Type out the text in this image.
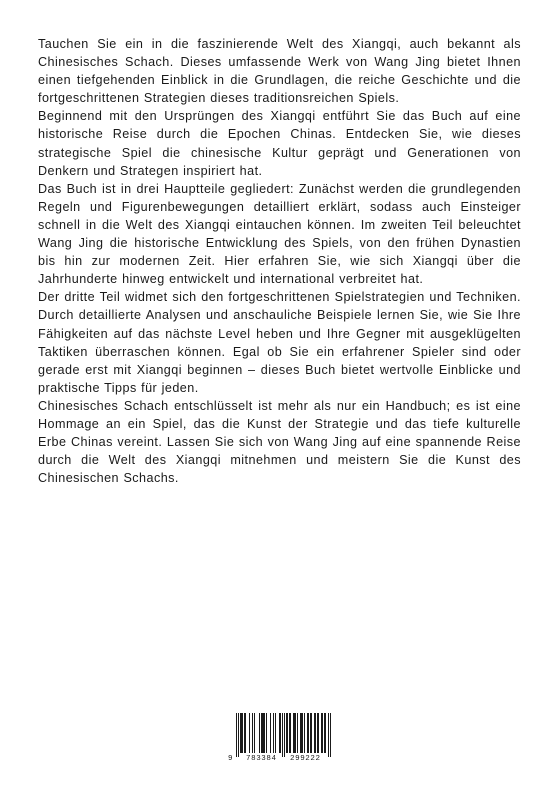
Tauchen Sie ein in die faszinierende Welt des Xiangqi, auch bekannt als Chinesisches Schach. Dieses umfassende Werk von Wang Jing bietet Ihnen einen tiefgehenden Einblick in die Grundlagen, die reiche Geschichte und die fortgeschrittenen Strategien dieses traditionsreichen Spiels.

Beginnend mit den Ursprüngen des Xiangqi entführt Sie das Buch auf eine historische Reise durch die Epochen Chinas. Entdecken Sie, wie dieses strategische Spiel die chinesische Kultur geprägt und Generationen von Denkern und Strategen inspiriert hat.

Das Buch ist in drei Hauptteile gegliedert: Zunächst werden die grundlegenden Regeln und Figurenbewegungen detailliert erklärt, sodass auch Einsteiger schnell in die Welt des Xiangqi eintauchen können. Im zweiten Teil beleuchtet Wang Jing die historische Entwicklung des Spiels, von den frühen Dynastien bis hin zur modernen Zeit. Hier erfahren Sie, wie sich Xiangqi über die Jahrhunderte hinweg entwickelt und international verbreitet hat.

Der dritte Teil widmet sich den fortgeschrittenen Spielstrategien und Techniken. Durch detaillierte Analysen und anschauliche Beispiele lernen Sie, wie Sie Ihre Fähigkeiten auf das nächste Level heben und Ihre Gegner mit ausgeklügelten Taktiken überraschen können. Egal ob Sie ein erfahrener Spieler sind oder gerade erst mit Xiangqi beginnen – dieses Buch bietet wertvolle Einblicke und praktische Tipps für jeden.

Chinesisches Schach entschlüsselt ist mehr als nur ein Handbuch; es ist eine Hommage an ein Spiel, das die Kunst der Strategie und das tiefe kulturelle Erbe Chinas vereint. Lassen Sie sich von Wang Jing auf eine spannende Reise durch die Welt des Xiangqi mitnehmen und meistern Sie die Kunst des Chinesischen Schachs.

9 783384 299222
